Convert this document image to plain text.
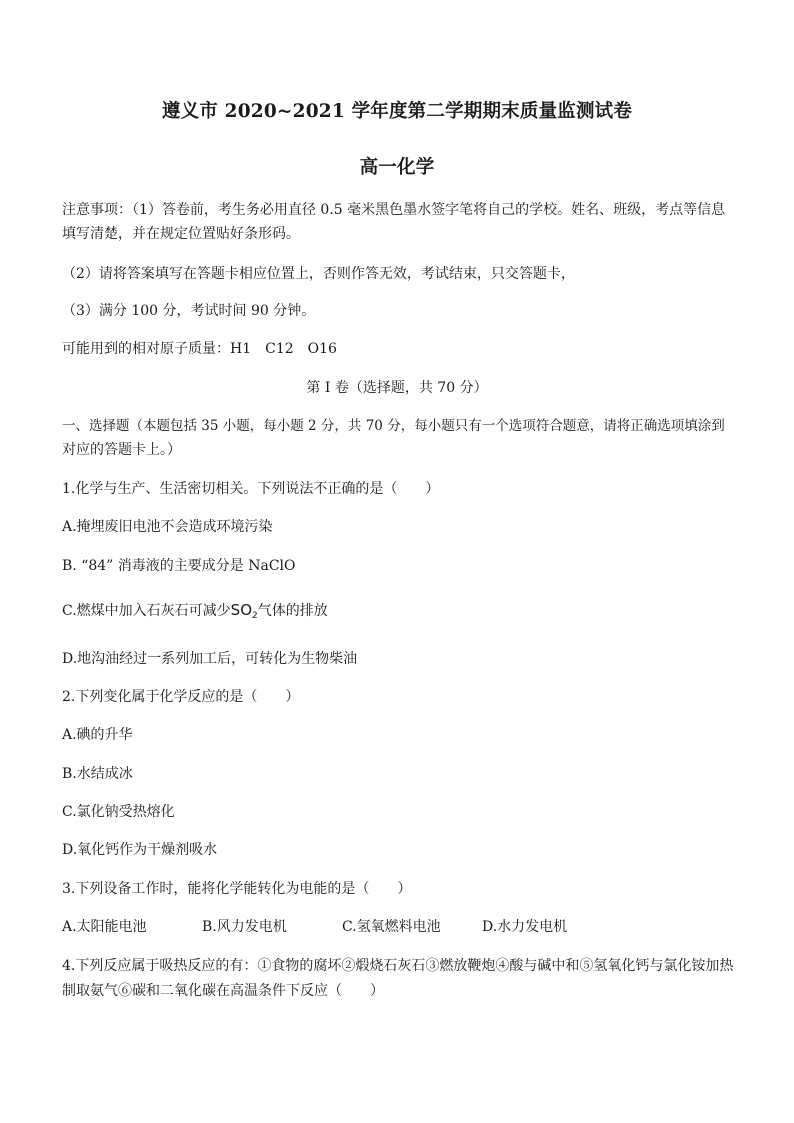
遵义市 2020~2021 学年度第二学期期末质量监测试卷
高一化学
注意事项：（1）答卷前，考生务必用直径 0.5 毫米黑色墨水签字笔将自己的学校。姓名、班级，考点等信息
填写清楚，并在规定位置贴好条形码。
（2）请将答案填写在答题卡相应位置上，否则作答无效，考试结束，只交答题卡，
（3）满分 100 分，考试时间 90 分钟。
可能用到的相对原子质量：H1　C12　O16
第 I 卷（选择题，共 70 分）
一、选择题（本题包括 35 小题，每小题 2 分，共 70 分，每小题只有一个选项符合题意，请将正确选项填涂到
对应的答题卡上。）
1.化学与生产、生活密切相关。下列说法不正确的是（　　）
A.掩埋废旧电池不会造成环境污染
B. “84” 消毒液的主要成分是 NaClO
C.燃煤中加入石灰石可减少$SO_2$气体的排放
D.地沟油经过一系列加工后，可转化为生物柴油
2.下列变化属于化学反应的是（　　）
A.碘的升华
B.水结成冰
C.氯化钠受热熔化
D.氧化钙作为干燥剂吸水
3.下列设备工作时，能将化学能转化为电能的是（　　）
A.太阳能电池	B.风力发电机	C.氢氧燃料电池	D.水力发电机
4.下列反应属于吸热反应的有：①食物的腐坏②煅烧石灰石③燃放鞭炮④酸与碱中和⑤氢氧化钙与氯化铵加热
制取氨气⑥碳和二氧化碳在高温条件下反应（　　）
